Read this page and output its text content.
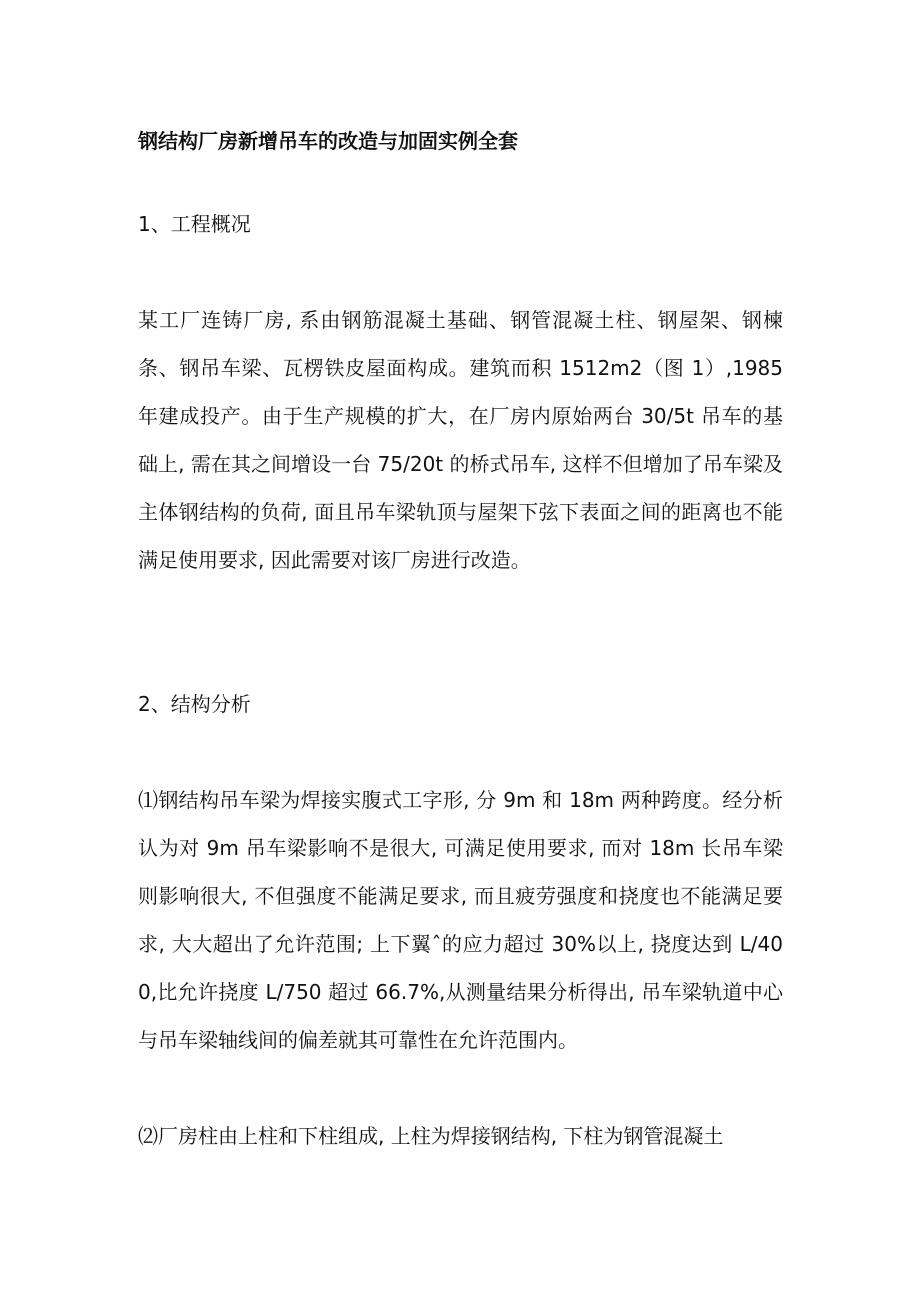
钢结构厂房新增吊车的改造与加固实例全套
1、工程概况

某工厂连铸厂房, 系由钢筋混凝土基础、钢管混凝土柱、钢屋架、钢楝条、钢吊车梁、瓦楞铁皮屋面构成。建筑而积 1512m2（图 1）,1985 年建成投产。由于生产规模的扩大，在厂房内原始两台 30/5t 吊车的基础上, 需在其之间增设一台 75/20t 的桥式吊车, 这样不但增加了吊车梁及主体钢结构的负荷, 面且吊车梁轨顶与屋架下弦下表面之间的距离也不能满足使用要求, 因此需要对该厂房进行改造。

2、结构分析

⑴钢结构吊车梁为焊接实腹式工字形, 分 9m 和 18m 两种跨度。经分析认为对 9m 吊车梁影响不是很大, 可满足使用要求, 而对 18m 长吊车梁则影响很大, 不但强度不能满足要求, 而且疲劳强度和挠度也不能满足要求, 大大超出了允许范围; 上下翼ˆ的应力超过 30%以上, 挠度达到 L/400,比允许挠度 L/750 超过 66.7%,从测量结果分析得出, 吊车梁轨道中心与吊车梁轴线间的偏差就其可靠性在允许范围内。

⑵厂房柱由上柱和下柱组成, 上柱为焊接钢结构, 下柱为钢管混凝土
